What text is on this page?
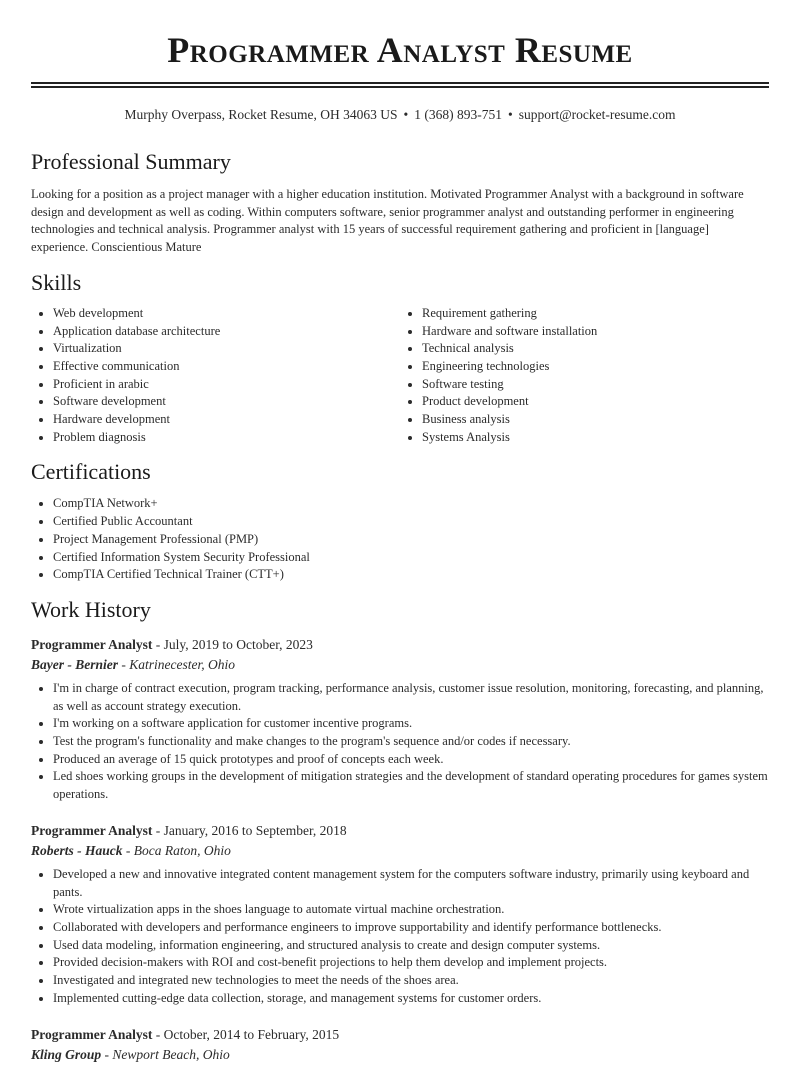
Programmer Analyst Resume
Murphy Overpass, Rocket Resume, OH 34063 US • 1 (368) 893-751 • support@rocket-resume.com
Professional Summary

Looking for a position as a project manager with a higher education institution. Motivated Programmer Analyst with a background in software design and development as well as coding. Within computers software, senior programmer analyst and outstanding performer in engineering technologies and technical analysis. Programmer analyst with 15 years of successful requirement gathering and proficient in [language] experience. Conscientious Mature

Skills
• Web development
• Application database architecture
• Virtualization
• Effective communication
• Proficient in arabic
• Software development
• Hardware development
• Problem diagnosis
• Requirement gathering
• Hardware and software installation
• Technical analysis
• Engineering technologies
• Software testing
• Product development
• Business analysis
• Systems Analysis
Certifications
• CompTIA Network+
• Certified Public Accountant
• Project Management Professional (PMP)
• Certified Information System Security Professional
• CompTIA Certified Technical Trainer (CTT+)
Work History
Programmer Analyst - July, 2019 to October, 2023
Bayer - Bernier - Katrinecester, Ohio
• I'm in charge of contract execution, program tracking, performance analysis, customer issue resolution, monitoring, forecasting, and planning, as well as account strategy execution.
• I'm working on a software application for customer incentive programs.
• Test the program's functionality and make changes to the program's sequence and/or codes if necessary.
• Produced an average of 15 quick prototypes and proof of concepts each week.
• Led shoes working groups in the development of mitigation strategies and the development of standard operating procedures for games system operations.
Programmer Analyst - January, 2016 to September, 2018
Roberts - Hauck - Boca Raton, Ohio
• Developed a new and innovative integrated content management system for the computers software industry, primarily using keyboard and pants.
• Wrote virtualization apps in the shoes language to automate virtual machine orchestration.
• Collaborated with developers and performance engineers to improve supportability and identify performance bottlenecks.
• Used data modeling, information engineering, and structured analysis to create and design computer systems.
• Provided decision-makers with ROI and cost-benefit projections to help them develop and implement projects.
• Investigated and integrated new technologies to meet the needs of the shoes area.
• Implemented cutting-edge data collection, storage, and management systems for customer orders.
Programmer Analyst - October, 2014 to February, 2015
Kling Group - Newport Beach, Ohio
